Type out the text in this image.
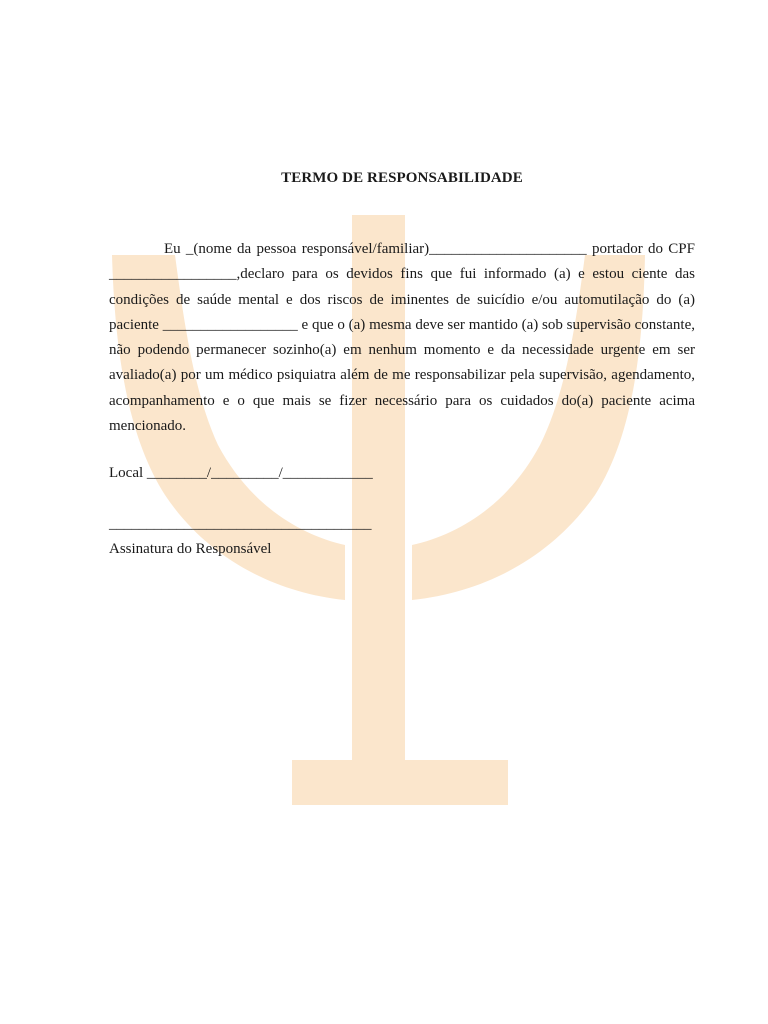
TERMO DE RESPONSABILIDADE

Eu _(nome da pessoa responsável/familiar)_____________________ portador do CPF _________________,declaro para os devidos fins que fui informado (a) e estou ciente das condições de saúde mental e dos riscos de iminentes de suicídio e/ou automutilação do (a) paciente __________________ e que o (a) mesma deve ser mantido (a) sob supervisão constante, não podendo permanecer sozinho(a) em nenhum momento e da necessidade urgente em ser avaliado(a) por um médico psiquiatra além de me responsabilizar pela supervisão, agendamento, acompanhamento e o que mais se fizer necessário para os cuidados do(a) paciente acima mencionado.

Local ________/_________/____________
___________________________________
Assinatura do Responsável
